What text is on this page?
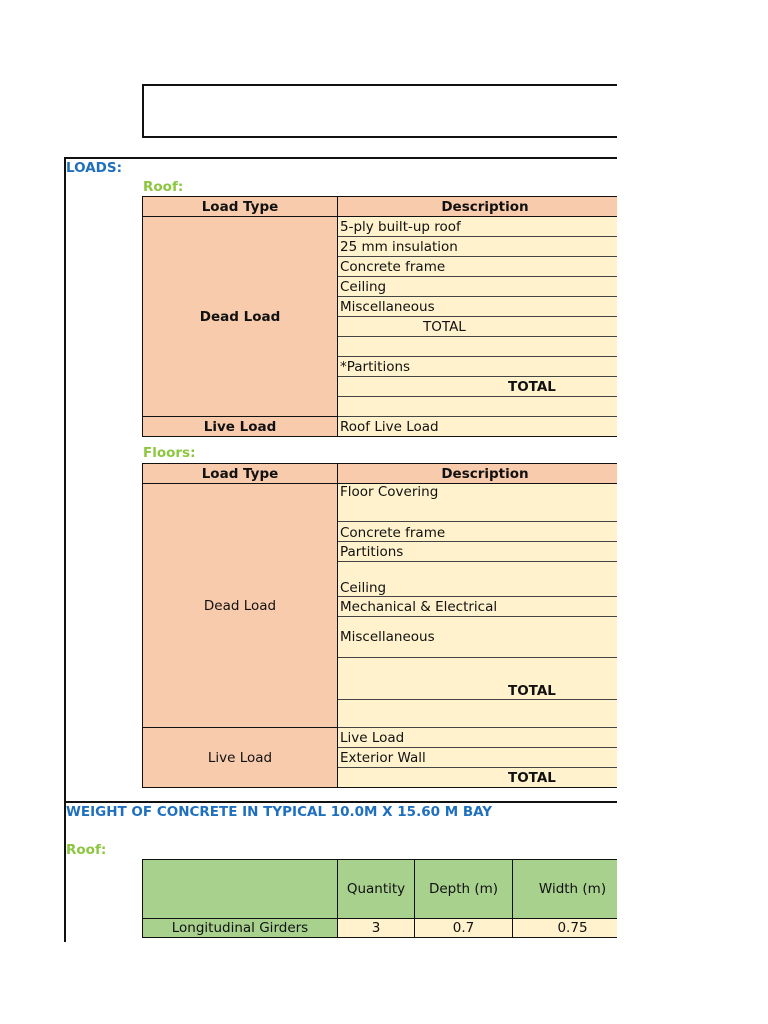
LOADS:
Roof:
Load Type	Description
Dead Load	5-ply built-up roof
	25 mm insulation
	Concrete frame
	Ceiling
	Miscellaneous
	TOTAL

	*Partitions
	TOTAL

Live Load	Roof Live Load
Floors:
Load Type	Description
Dead Load	Floor Covering
	Concrete frame
	Partitions
	Ceiling
	Mechanical & Electrical
	Miscellaneous
	TOTAL

Live Load	Live Load
	Exterior Wall
	TOTAL
WEIGHT OF CONCRETE IN TYPICAL 10.0M X 15.60 M BAY
Roof:
	Quantity	Depth (m)	Width (m)
Longitudinal Girders	3	0.7	0.75
